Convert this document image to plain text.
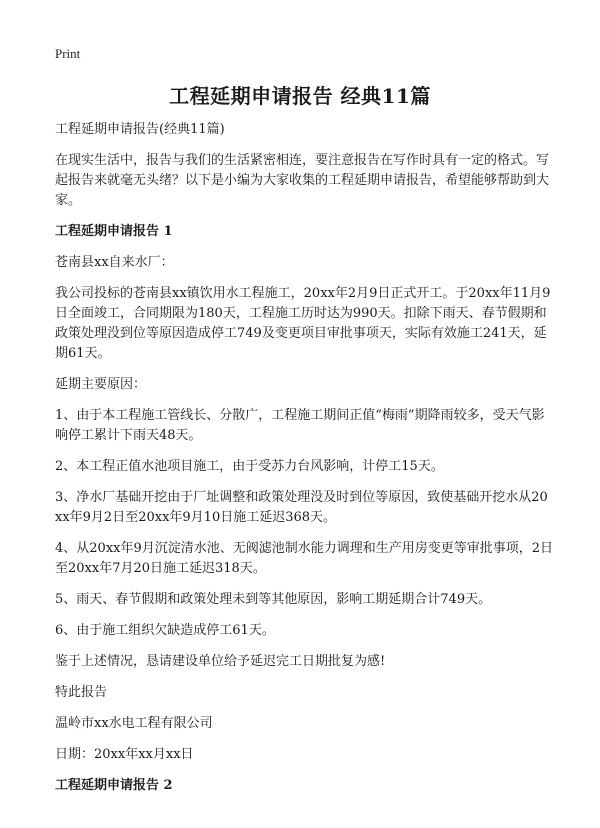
Print
工程延期申请报告 经典11篇

工程延期申请报告(经典11篇)

在现实生活中，报告与我们的生活紧密相连，要注意报告在写作时具有一定的格式。写起报告来就毫无头绪？以下是小编为大家收集的工程延期申请报告，希望能够帮助到大家。

工程延期申请报告 1

苍南县xx自来水厂：

我公司投标的苍南县xx镇饮用水工程施工，20xx年2月9日正式开工。于20xx年11月9日全面竣工，合同期限为180天，工程施工历时达为990天。扣除下雨天、春节假期和政策处理没到位等原因造成停工749及变更项目审批事项天，实际有效施工241天，延期61天。

延期主要原因：

1、由于本工程施工管线长、分散广，工程施工期间正值“梅雨”期降雨较多，受天气影响停工累计下雨天48天。

2、本工程正值水池项目施工，由于受苏力台风影响，计停工15天。

3、净水厂基础开挖由于厂址调整和政策处理没及时到位等原因，致使基础开挖水从20xx年9月2日至20xx年9月10日施工延迟368天。

4、从20xx年9月沉淀清水池、无阀滤池制水能力调理和生产用房变更等审批事项，2日至20xx年7月20日施工延迟318天。

5、雨天、春节假期和政策处理未到等其他原因，影响工期延期合计749天。

6、由于施工组织欠缺造成停工61天。

鉴于上述情况，恳请建设单位给予延迟完工日期批复为感!

特此报告

温岭市xx水电工程有限公司

日期：20xx年xx月xx日

工程延期申请报告 2
